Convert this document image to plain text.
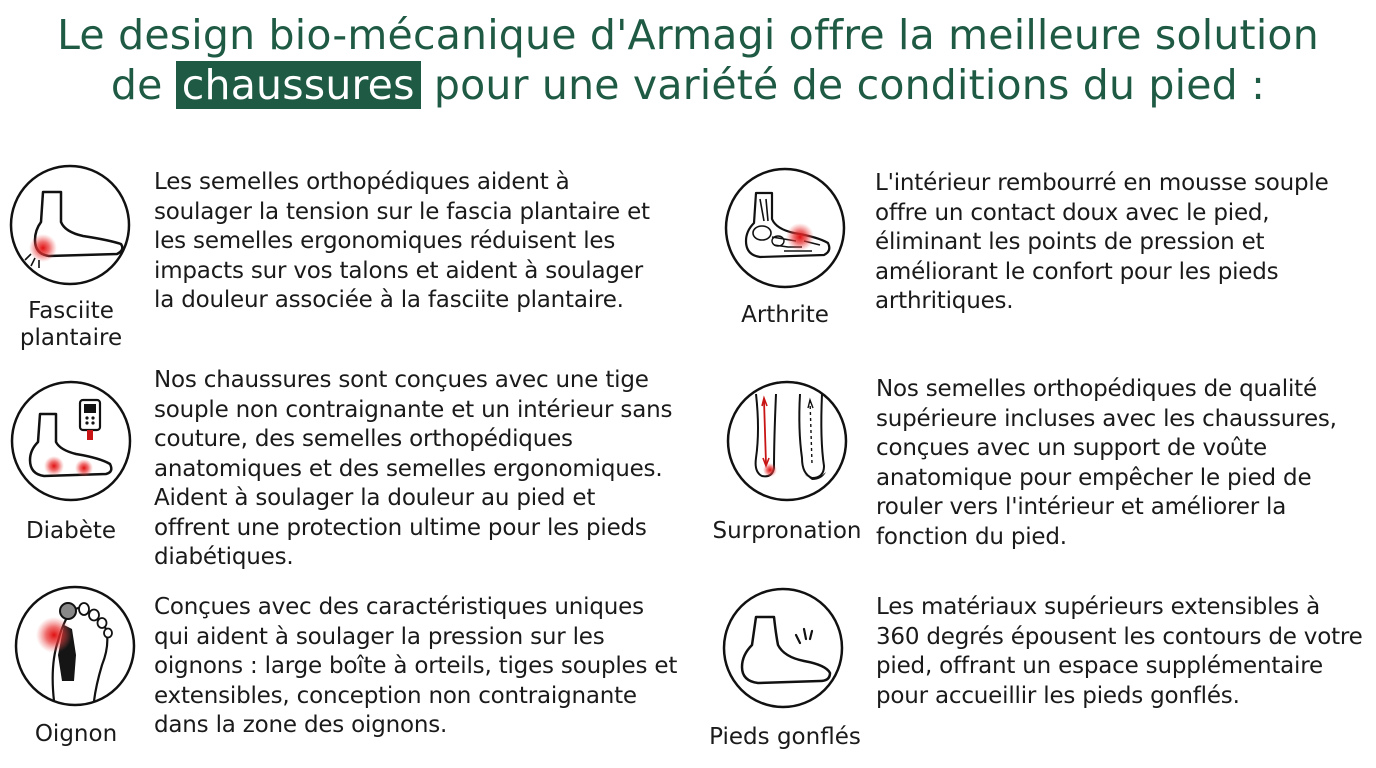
Le design bio-mécanique d'Armagi offre la meilleure solution
de chaussures pour une variété de conditions du pied :
Fasciite
plantaire
Les semelles orthopédiques aident à
soulager la tension sur le fascia plantaire et
les semelles ergonomiques réduisent les
impacts sur vos talons et aident à soulager
la douleur associée à la fasciite plantaire.
Arthrite
L'intérieur rembourré en mousse souple
offre un contact doux avec le pied,
éliminant les points de pression et
améliorant le confort pour les pieds
arthritiques.
Diabète
Nos chaussures sont conçues avec une tige
souple non contraignante et un intérieur sans
couture, des semelles orthopédiques
anatomiques et des semelles ergonomiques.
Aident à soulager la douleur au pied et
offrent une protection ultime pour les pieds
diabétiques.
Surpronation
Nos semelles orthopédiques de qualité
supérieure incluses avec les chaussures,
conçues avec un support de voûte
anatomique pour empêcher le pied de
rouler vers l'intérieur et améliorer la
fonction du pied.
Oignon
Conçues avec des caractéristiques uniques
qui aident à soulager la pression sur les
oignons : large boîte à orteils, tiges souples et
extensibles, conception non contraignante
dans la zone des oignons.	Pieds gonflés
Les matériaux supérieurs extensibles à
360 degrés épousent les contours de votre
pied, offrant un espace supplémentaire
pour accueillir les pieds gonflés.
